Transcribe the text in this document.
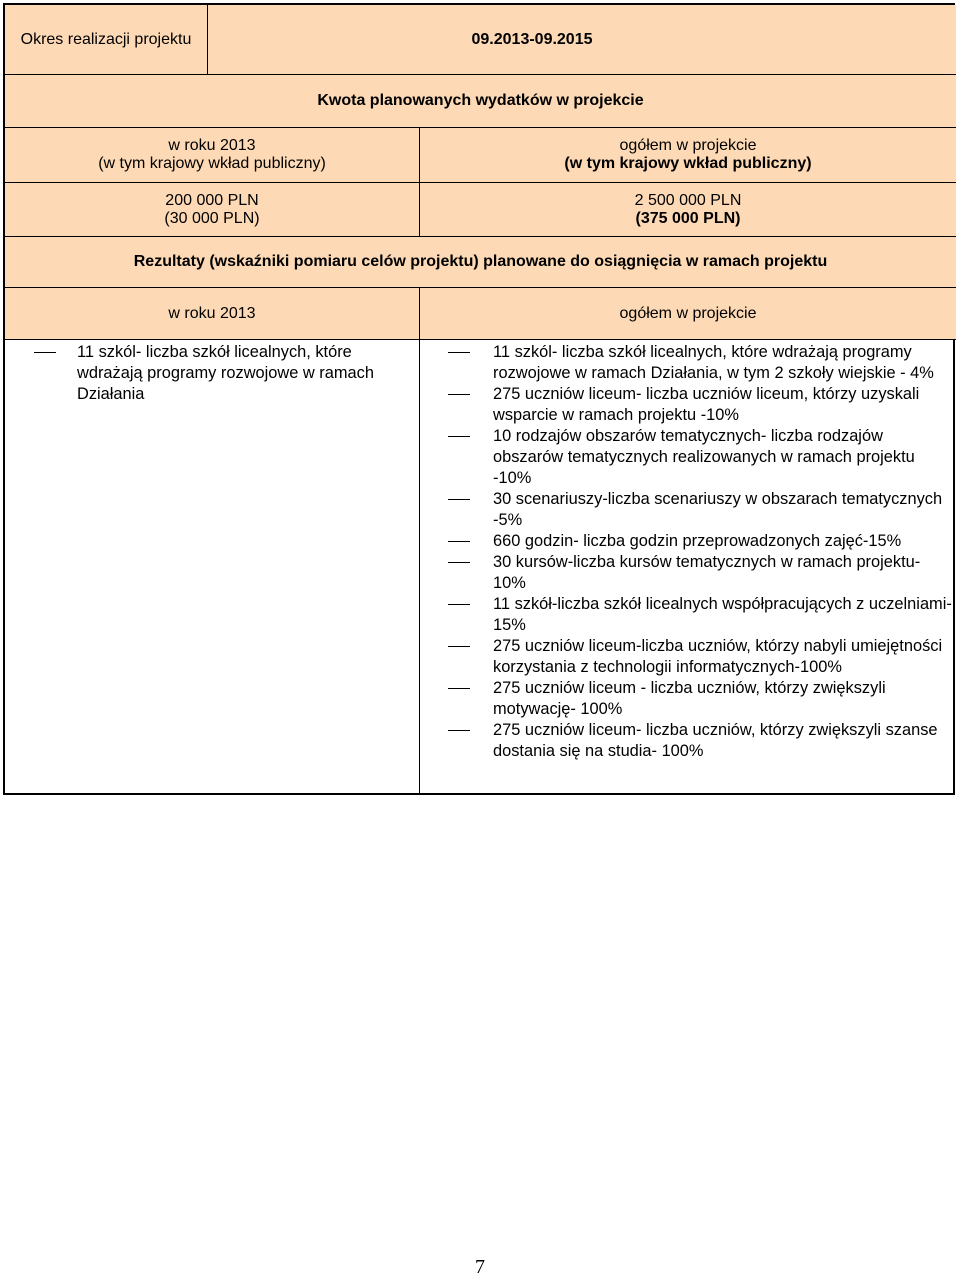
Okres realizacji projektu	09.2013-09.2015
Kwota planowanych wydatków w projekcie
w roku 2013
(w tym krajowy wkład publiczny)
ogółem w projekcie
(w tym krajowy wkład publiczny)
200 000 PLN
(30 000 PLN)
2 500 000 PLN
(375 000 PLN)
Rezultaty (wskaźniki pomiaru celów projektu) planowane do osiągnięcia w ramach projektu
w roku 2013	ogółem w projekcie
11 szkól- liczba szkół licealnych, które wdrażają programy rozwojowe w ramach Działania
11 szkól- liczba szkół licealnych, które wdrażają programy rozwojowe w ramach Działania, w tym 2 szkoły wiejskie - 4%
275 uczniów liceum- liczba uczniów liceum, którzy uzyskali wsparcie w ramach projektu -10%
10 rodzajów obszarów tematycznych- liczba rodzajów obszarów tematycznych realizowanych w ramach projektu -10%
30 scenariuszy-liczba scenariuszy w obszarach tematycznych -5%
660 godzin- liczba godzin przeprowadzonych zajęć-15%
30 kursów-liczba kursów tematycznych w ramach projektu-10%
11 szkół-liczba szkół licealnych współpracujących z uczelniami-15%
275 uczniów liceum-liczba uczniów, którzy nabyli umiejętności korzystania z technologii informatycznych-100%
275 uczniów liceum - liczba uczniów, którzy zwiększyli motywację- 100%
275 uczniów liceum- liczba uczniów, którzy zwiększyli szanse dostania się na studia- 100%
7
